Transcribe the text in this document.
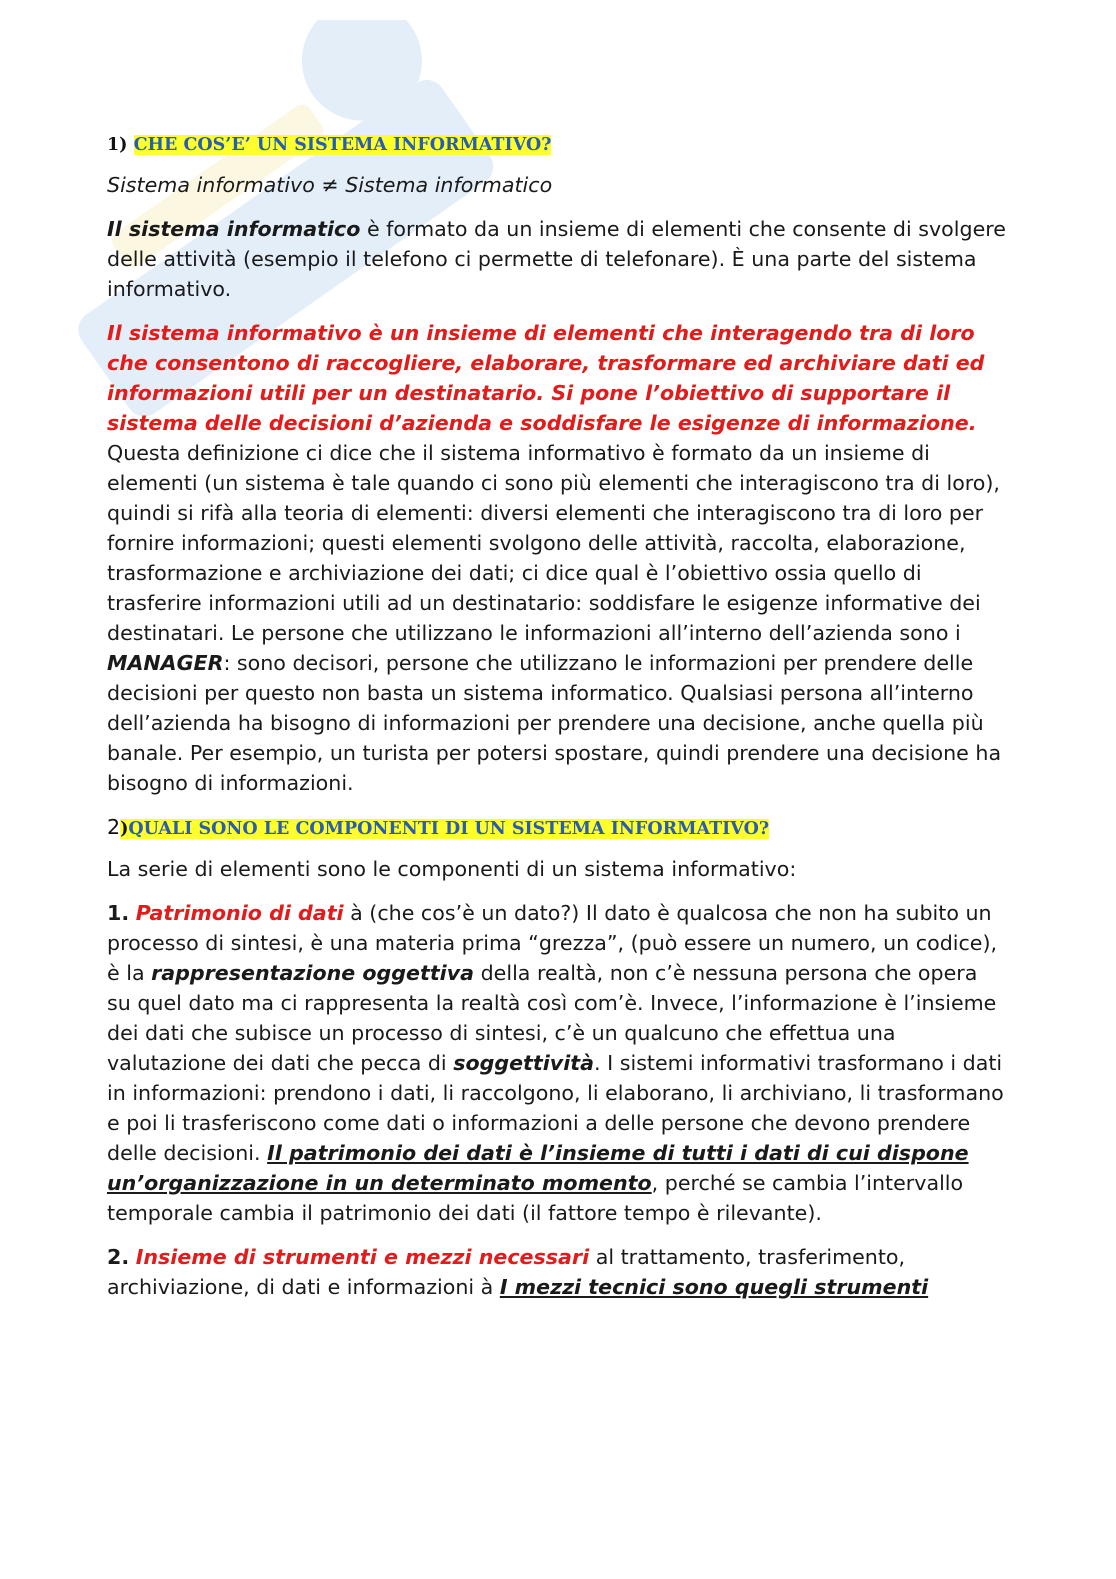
1) CHE COS’E’ UN SISTEMA INFORMATIVO?

Sistema informativo ≠ Sistema informatico

Il sistema informatico è formato da un insieme di elementi che consente di svolgere delle attività (esempio il telefono ci permette di telefonare). È una parte del sistema informativo.

Il sistema informativo è un insieme di elementi che interagendo tra di loro che consentono di raccogliere, elaborare, trasformare ed archiviare dati ed informazioni utili per un destinatario. Si pone l’obiettivo di supportare il sistema delle decisioni d’azienda e soddisfare le esigenze di informazione. Questa definizione ci dice che il sistema informativo è formato da un insieme di elementi (un sistema è tale quando ci sono più elementi che interagiscono tra di loro), quindi si rifà alla teoria di elementi: diversi elementi che interagiscono tra di loro per fornire informazioni; questi elementi svolgono delle attività, raccolta, elaborazione, trasformazione e archiviazione dei dati; ci dice qual è l’obiettivo ossia quello di trasferire informazioni utili ad un destinatario: soddisfare le esigenze informative dei destinatari. Le persone che utilizzano le informazioni all’interno dell’azienda sono i MANAGER: sono decisori, persone che utilizzano le informazioni per prendere delle decisioni per questo non basta un sistema informatico. Qualsiasi persona all’interno dell’azienda ha bisogno di informazioni per prendere una decisione, anche quella più banale. Per esempio, un turista per potersi spostare, quindi prendere una decisione ha bisogno di informazioni.

2)QUALI SONO LE COMPONENTI DI UN SISTEMA INFORMATIVO?

La serie di elementi sono le componenti di un sistema informativo:

1. Patrimonio di dati à (che cos’è un dato?) Il dato è qualcosa che non ha subito un processo di sintesi, è una materia prima “grezza”, (può essere un numero, un codice), è la rappresentazione oggettiva della realtà, non c’è nessuna persona che opera su quel dato ma ci rappresenta la realtà così com’è. Invece, l’informazione è l’insieme dei dati che subisce un processo di sintesi, c’è un qualcuno che effettua una valutazione dei dati che pecca di soggettività. I sistemi informativi trasformano i dati in informazioni: prendono i dati, li raccolgono, li elaborano, li archiviano, li trasformano e poi li trasferiscono come dati o informazioni a delle persone che devono prendere delle decisioni. Il patrimonio dei dati è l’insieme di tutti i dati di cui dispone un’organizzazione in un determinato momento, perché se cambia l’intervallo temporale cambia il patrimonio dei dati (il fattore tempo è rilevante).

2. Insieme di strumenti e mezzi necessari al trattamento, trasferimento, archiviazione, di dati e informazioni à I mezzi tecnici sono quegli strumenti
